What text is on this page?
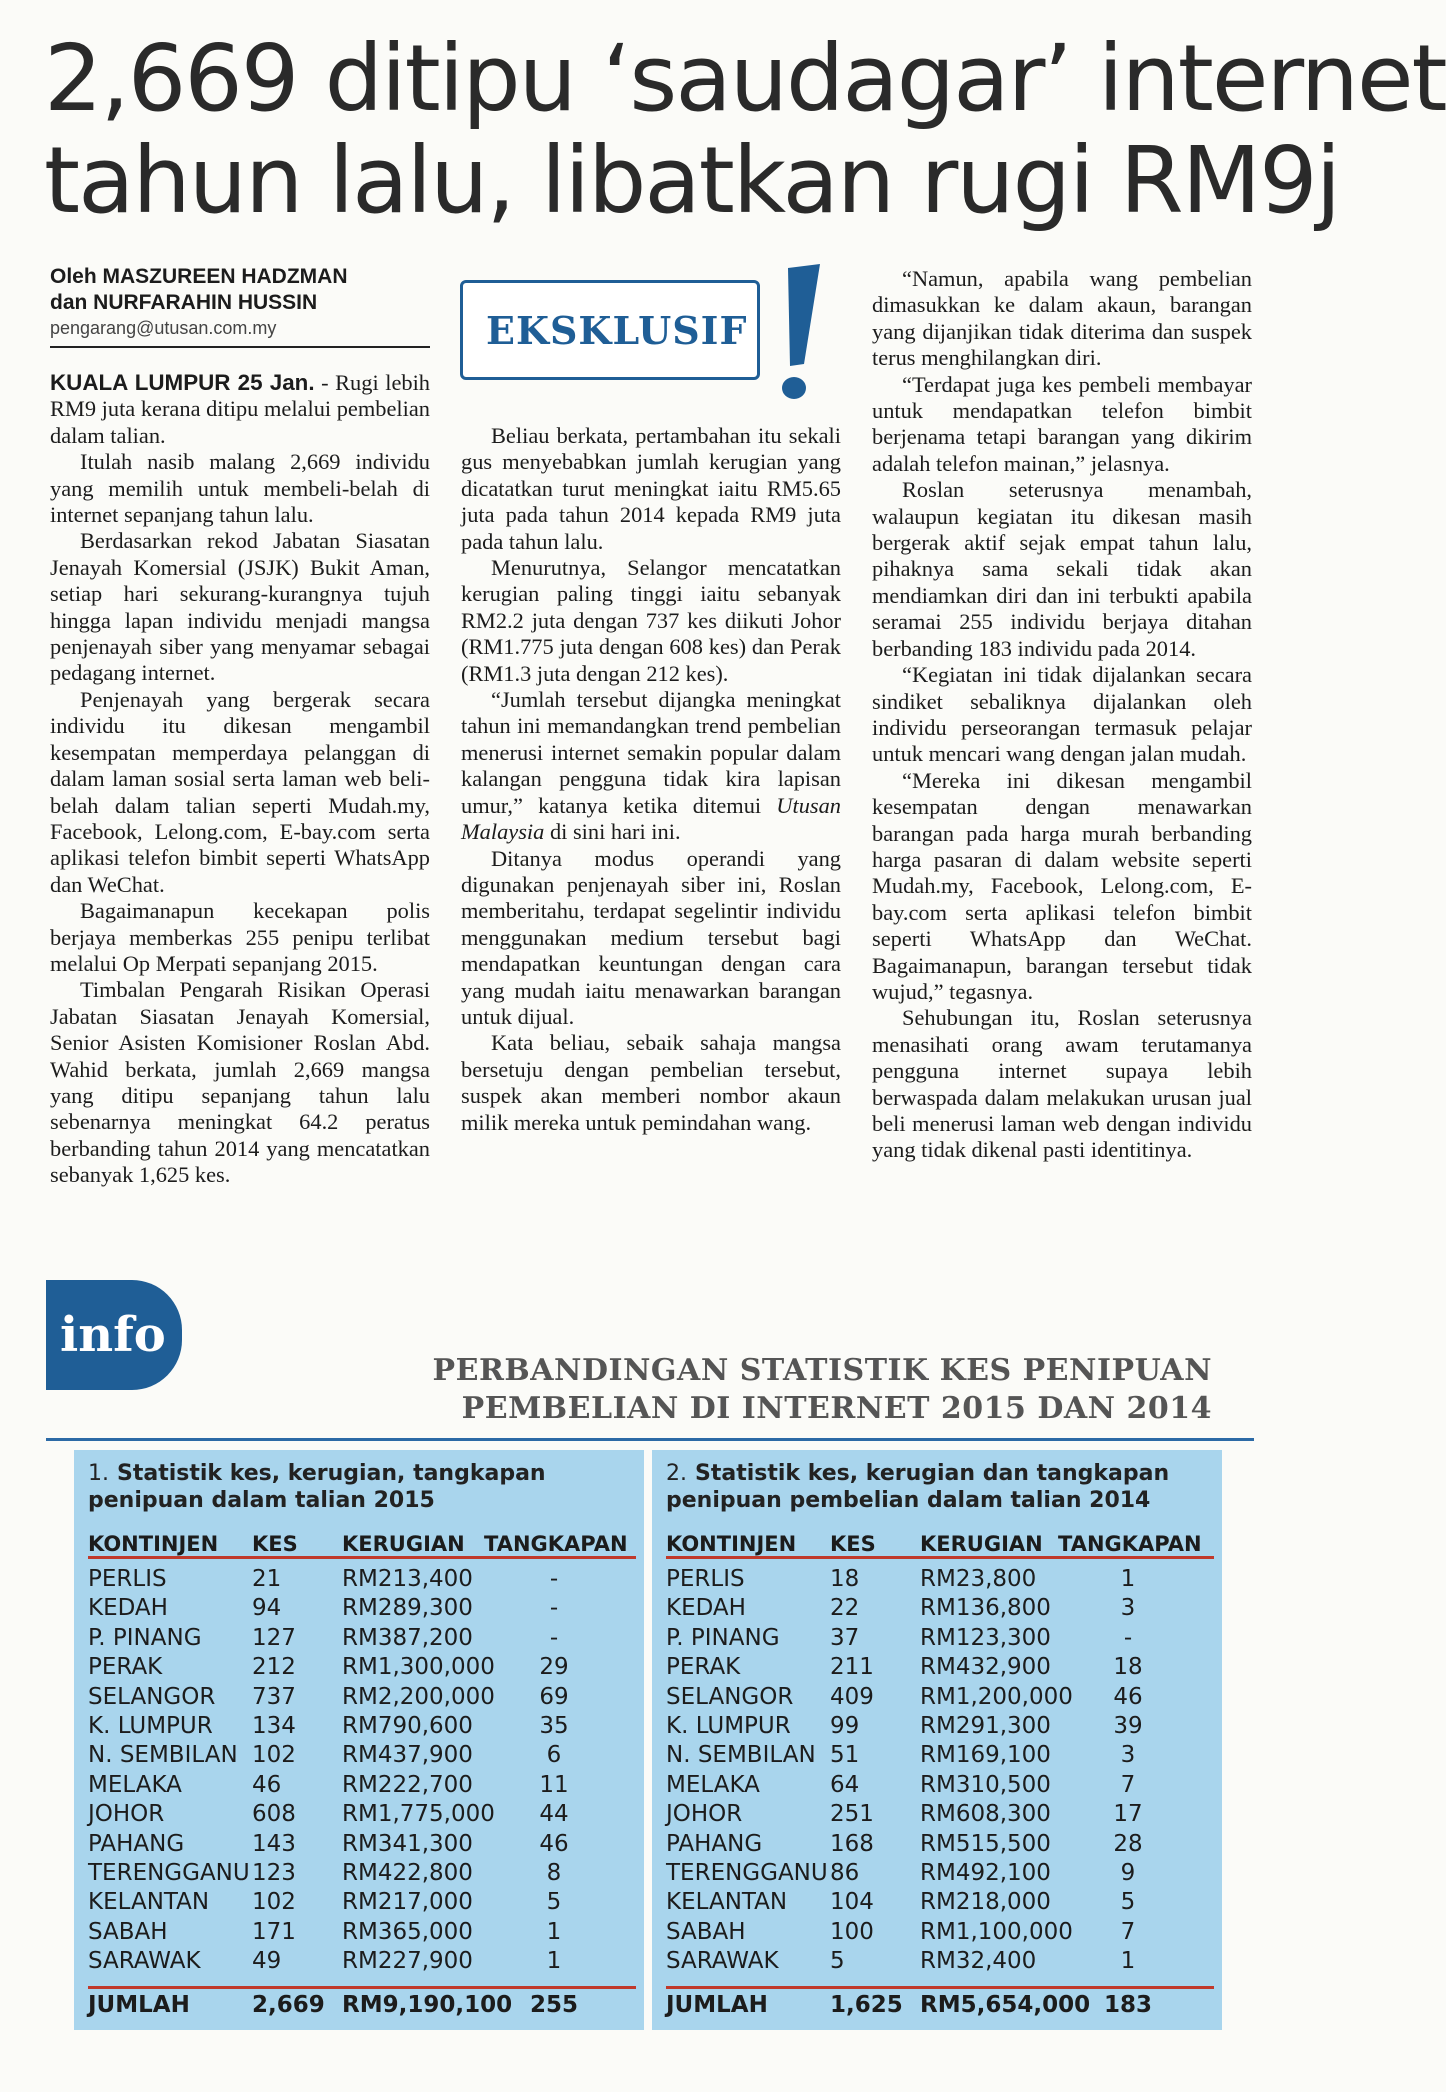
2,669 ditipu ‘saudagar’ internet
tahun lalu, libatkan rugi RM9j
Oleh MASZUREEN HADZMAN
dan NURFARAHIN HUSSIN
pengarang@utusan.com.my	EKSKLUSIF

KUALA LUMPUR 25 Jan. - Rugi lebih RM9 juta kerana ditipu melalui pembelian dalam talian.

Itulah nasib malang 2,669 individu yang memilih untuk membeli-belah di internet sepanjang tahun lalu.

Berdasarkan rekod Jabatan Siasatan Jenayah Komersial (JSJK) Bukit Aman, setiap hari sekurang-kurangnya tujuh hingga lapan individu menjadi mangsa penjenayah siber yang menyamar sebagai pedagang internet.

Penjenayah yang bergerak secara individu itu dikesan mengambil kesempatan memperdaya pelanggan di dalam laman sosial serta laman web beli-belah dalam talian seperti Mudah.my, Facebook, Lelong.com, E-bay.com serta aplikasi telefon bimbit seperti WhatsApp dan WeChat.

Bagaimanapun kecekapan polis berjaya memberkas 255 penipu terlibat melalui Op Merpati sepanjang 2015.

Timbalan Pengarah Risikan Operasi Jabatan Siasatan Jenayah Komersial, Senior Asisten Komisioner Roslan Abd. Wahid berkata, jumlah 2,669 mangsa yang ditipu sepanjang tahun lalu sebenarnya meningkat 64.2 peratus berbanding tahun 2014 yang mencatatkan sebanyak 1,625 kes.

Beliau berkata, pertambahan itu sekali gus menyebabkan jumlah kerugian yang dicatatkan turut meningkat iaitu RM5.65 juta pada tahun 2014 kepada RM9 juta pada tahun lalu.

Menurutnya, Selangor mencatatkan kerugian paling tinggi iaitu sebanyak RM2.2 juta dengan 737 kes diikuti Johor (RM1.775 juta dengan 608 kes) dan Perak (RM1.3 juta dengan 212 kes).

“Jumlah tersebut dijangka meningkat tahun ini memandangkan trend pembelian menerusi internet semakin popular dalam kalangan pengguna tidak kira lapisan umur,” katanya ketika ditemui Utusan Malaysia di sini hari ini.

Ditanya modus operandi yang digunakan penjenayah siber ini, Roslan memberitahu, terdapat segelintir individu menggunakan medium tersebut bagi mendapatkan keuntungan dengan cara yang mudah iaitu menawarkan barangan untuk dijual.

Kata beliau, sebaik sahaja mangsa bersetuju dengan pembelian tersebut, suspek akan memberi nombor akaun milik mereka untuk pemindahan wang.

“Namun, apabila wang pembelian dimasukkan ke dalam akaun, barangan yang dijanjikan tidak diterima dan suspek terus menghilangkan diri.

“Terdapat juga kes pembeli membayar untuk mendapatkan telefon bimbit berjenama tetapi barangan yang dikirim adalah telefon mainan,” jelasnya.

Roslan seterusnya menambah, walaupun kegiatan itu dikesan masih bergerak aktif sejak empat tahun lalu, pihaknya sama sekali tidak akan mendiamkan diri dan ini terbukti apabila seramai 255 individu berjaya ditahan berbanding 183 individu pada 2014.

“Kegiatan ini tidak dijalankan secara sindiket sebaliknya dijalankan oleh individu perseorangan termasuk pelajar untuk mencari wang dengan jalan mudah.

“Mereka ini dikesan mengambil kesempatan dengan menawarkan barangan pada harga murah berbanding harga pasaran di dalam website seperti Mudah.my, Facebook, Lelong.com, E-bay.com serta aplikasi telefon bimbit seperti WhatsApp dan WeChat. Bagaimanapun, barangan tersebut tidak wujud,” tegasnya.

Sehubungan itu, Roslan seterusnya menasihati orang awam terutamanya pengguna internet supaya lebih berwaspada dalam melakukan urusan jual beli menerusi laman web dengan individu yang tidak dikenal pasti identitinya.

info
PERBANDINGAN STATISTIK KES PENIPUAN
PEMBELIAN DI INTERNET 2015 DAN 2014
1. Statistik kes, kerugian, tangkapan penipuan dalam talian 2015
KONTINJEN KES KERUGIAN TANGKAPAN
PERLIS	21	RM213,400	-
KEDAH	94	RM289,300	-
P. PINANG 127 RM387,200	-
PERAK	212 RM1,300,000	29
SELANGOR 737 RM2,200,000	69
K. LUMPUR 134 RM790,600	35
N. SEMBILAN 102 RM437,900	6
MELAKA	46	RM222,700	11
JOHOR	608 RM1,775,000	44
PAHANG	143 RM341,300	46
TERENGGANU 123 RM422,800	8
KELANTAN 102 RM217,000	5
SABAH	171 RM365,000	1
SARAWAK 49	RM227,900	1
JUMLAH	2,669 RM9,190,100 255
2. Statistik kes, kerugian dan tangkapan penipuan pembelian dalam talian 2014
KONTINJEN KES KERUGIAN TANGKAPAN
PERLIS	18	RM23,800	1
KEDAH	22	RM136,800	3
P. PINANG 37	RM123,300	-
PERAK	211 RM432,900	18
SELANGOR 409 RM1,200,000	46
K. LUMPUR 99	RM291,300	39
N. SEMBILAN 51	RM169,100	3
MELAKA	64	RM310,500	7
JOHOR	251 RM608,300	17
PAHANG	168 RM515,500	28
TERENGGANU 86	RM492,100	9
KELANTAN 104 RM218,000	5
SABAH	100 RM1,100,000	7
SARAWAK 5	RM32,400	1
JUMLAH	1,625 RM5,654,000 183
